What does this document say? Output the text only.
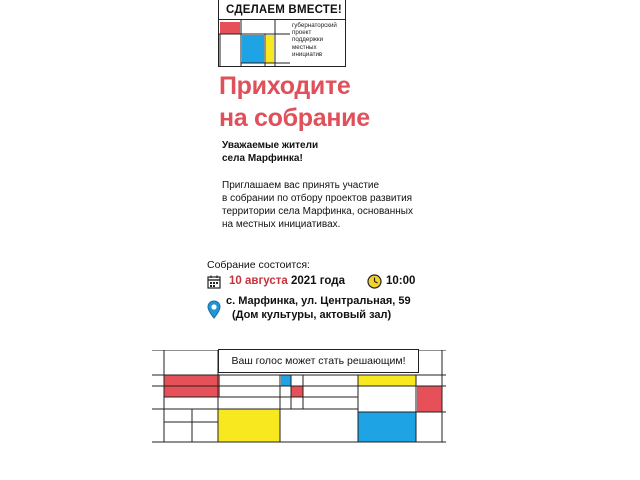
СДЕЛАЕМ ВМЕСТЕ!
губернаторский
проект
поддержки
местных
инициатив
Приходите
на собрание
Уважаемые жители
села Марфинка!
Приглашаем вас принять участие
в собрании по отбору проектов развития
территории села Марфинка, основанных
на местных инициативах.
Собрание состоится:
10 августа 2021 года	10:00
с. Марфинка, ул. Центральная, 59
(Дом культуры, актовый зал)
Ваш голос может стать решающим!
